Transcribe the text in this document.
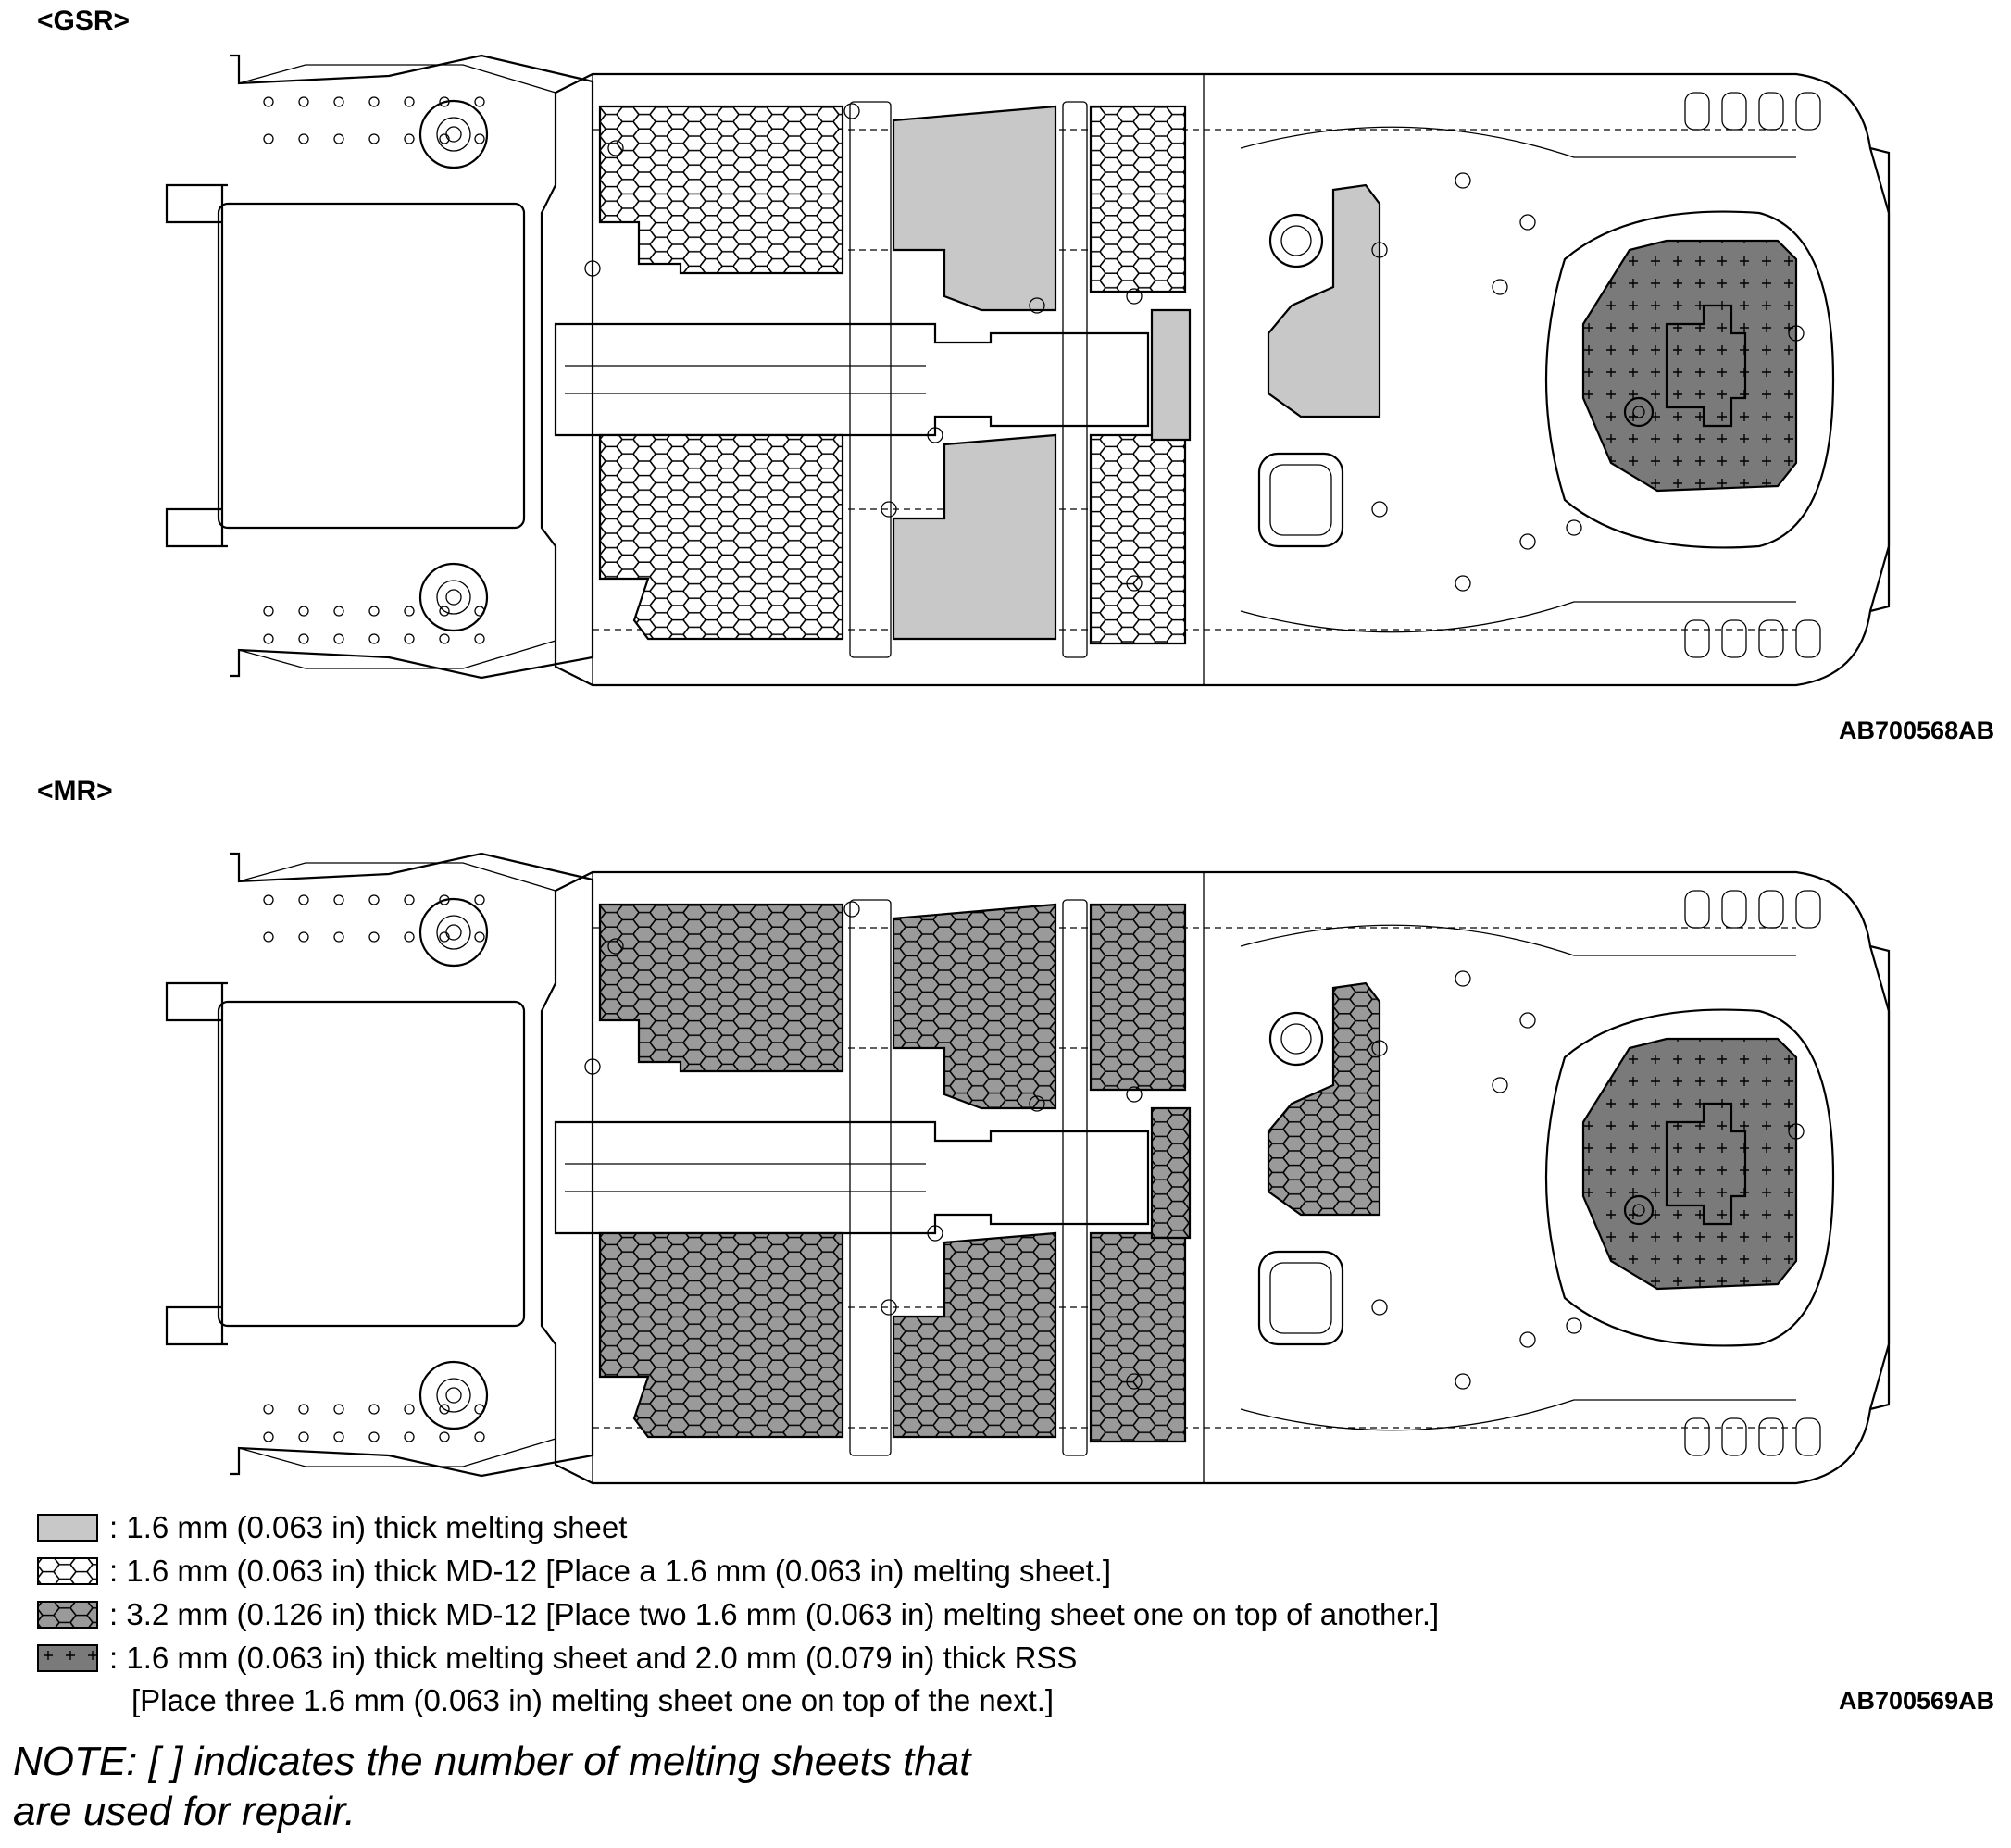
<GSR>
AB700568AB
<MR>
: 1.6 mm (0.063 in) thick melting sheet
: 1.6 mm (0.063 in) thick MD-12 [Place a 1.6 mm (0.063 in) melting sheet.]
: 3.2 mm (0.126 in) thick MD-12 [Place two 1.6 mm (0.063 in) melting sheet one on top of another.]
: 1.6 mm (0.063 in) thick melting sheet and 2.0 mm (0.079 in) thick RSS
[Place three 1.6 mm (0.063 in) melting sheet one on top of the next.]	AB700569AB
NOTE: [ ] indicates the number of melting sheets that
are used for repair.
